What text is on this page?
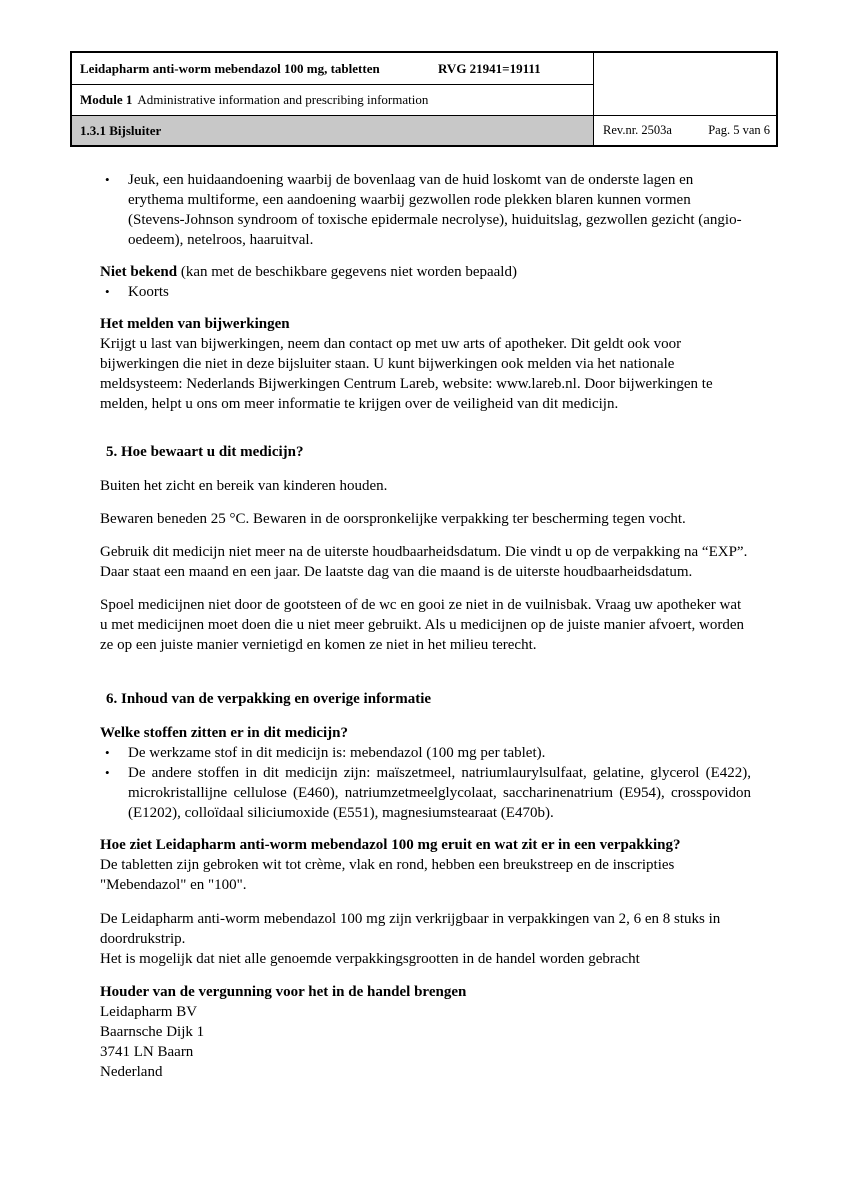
Leidapharm anti-worm mebendazol 100 mg, tabletten	RVG 21941=19111
Module 1 Administrative information and prescribing information
1.3.1 Bijsluiter	Rev.nr. 2503a	Pag. 5 van 6
•	Jeuk, een huidaandoening waarbij de bovenlaag van de huid loskomt van de onderste lagen en erythema multiforme, een aandoening waarbij gezwollen rode plekken blaren kunnen vormen (Stevens-Johnson syndroom of toxische epidermale necrolyse), huiduitslag, gezwollen gezicht (angio-oedeem), netelroos, haaruitval.

Niet bekend (kan met de beschikbare gegevens niet worden bepaald)

•	Koorts

Het melden van bijwerkingen

Krijgt u last van bijwerkingen, neem dan contact op met uw arts of apotheker. Dit geldt ook voor bijwerkingen die niet in deze bijsluiter staan. U kunt bijwerkingen ook melden via het nationale meldsysteem: Nederlands Bijwerkingen Centrum Lareb, website: www.lareb.nl. Door bijwerkingen te melden, helpt u ons om meer informatie te krijgen over de veiligheid van dit medicijn.

5. Hoe bewaart u dit medicijn?

Buiten het zicht en bereik van kinderen houden.

Bewaren beneden 25 °C. Bewaren in de oorspronkelijke verpakking ter bescherming tegen vocht.

Gebruik dit medicijn niet meer na de uiterste houdbaarheidsdatum. Die vindt u op de verpakking na “EXP”. Daar staat een maand en een jaar. De laatste dag van die maand is de uiterste houdbaarheidsdatum.

Spoel medicijnen niet door de gootsteen of de wc en gooi ze niet in de vuilnisbak. Vraag uw apotheker wat u met medicijnen moet doen die u niet meer gebruikt. Als u medicijnen op de juiste manier afvoert, worden ze op een juiste manier vernietigd en komen ze niet in het milieu terecht.

6. Inhoud van de verpakking en overige informatie

Welke stoffen zitten er in dit medicijn?

•	De werkzame stof in dit medicijn is: mebendazol (100 mg per tablet).
•	De andere stoffen in dit medicijn zijn: maïszetmeel, natriumlaurylsulfaat, gelatine, glycerol (E422), microkristallijne cellulose (E460), natriumzetmeelglycolaat, saccharinenatrium (E954), crosspovidon (E1202), colloïdaal siliciumoxide (E551), magnesiumstearaat (E470b).

Hoe ziet Leidapharm anti-worm mebendazol 100 mg eruit en wat zit er in een verpakking?

De tabletten zijn gebroken wit tot crème, vlak en rond, hebben een breukstreep en de inscripties "Mebendazol" en "100".

De Leidapharm anti-worm mebendazol 100 mg zijn verkrijgbaar in verpakkingen van 2, 6 en 8 stuks in doordrukstrip.

Het is mogelijk dat niet alle genoemde verpakkingsgrootten in de handel worden gebracht

Houder van de vergunning voor het in de handel brengen

Leidapharm BV

Baarnsche Dijk 1

3741 LN Baarn

Nederland
